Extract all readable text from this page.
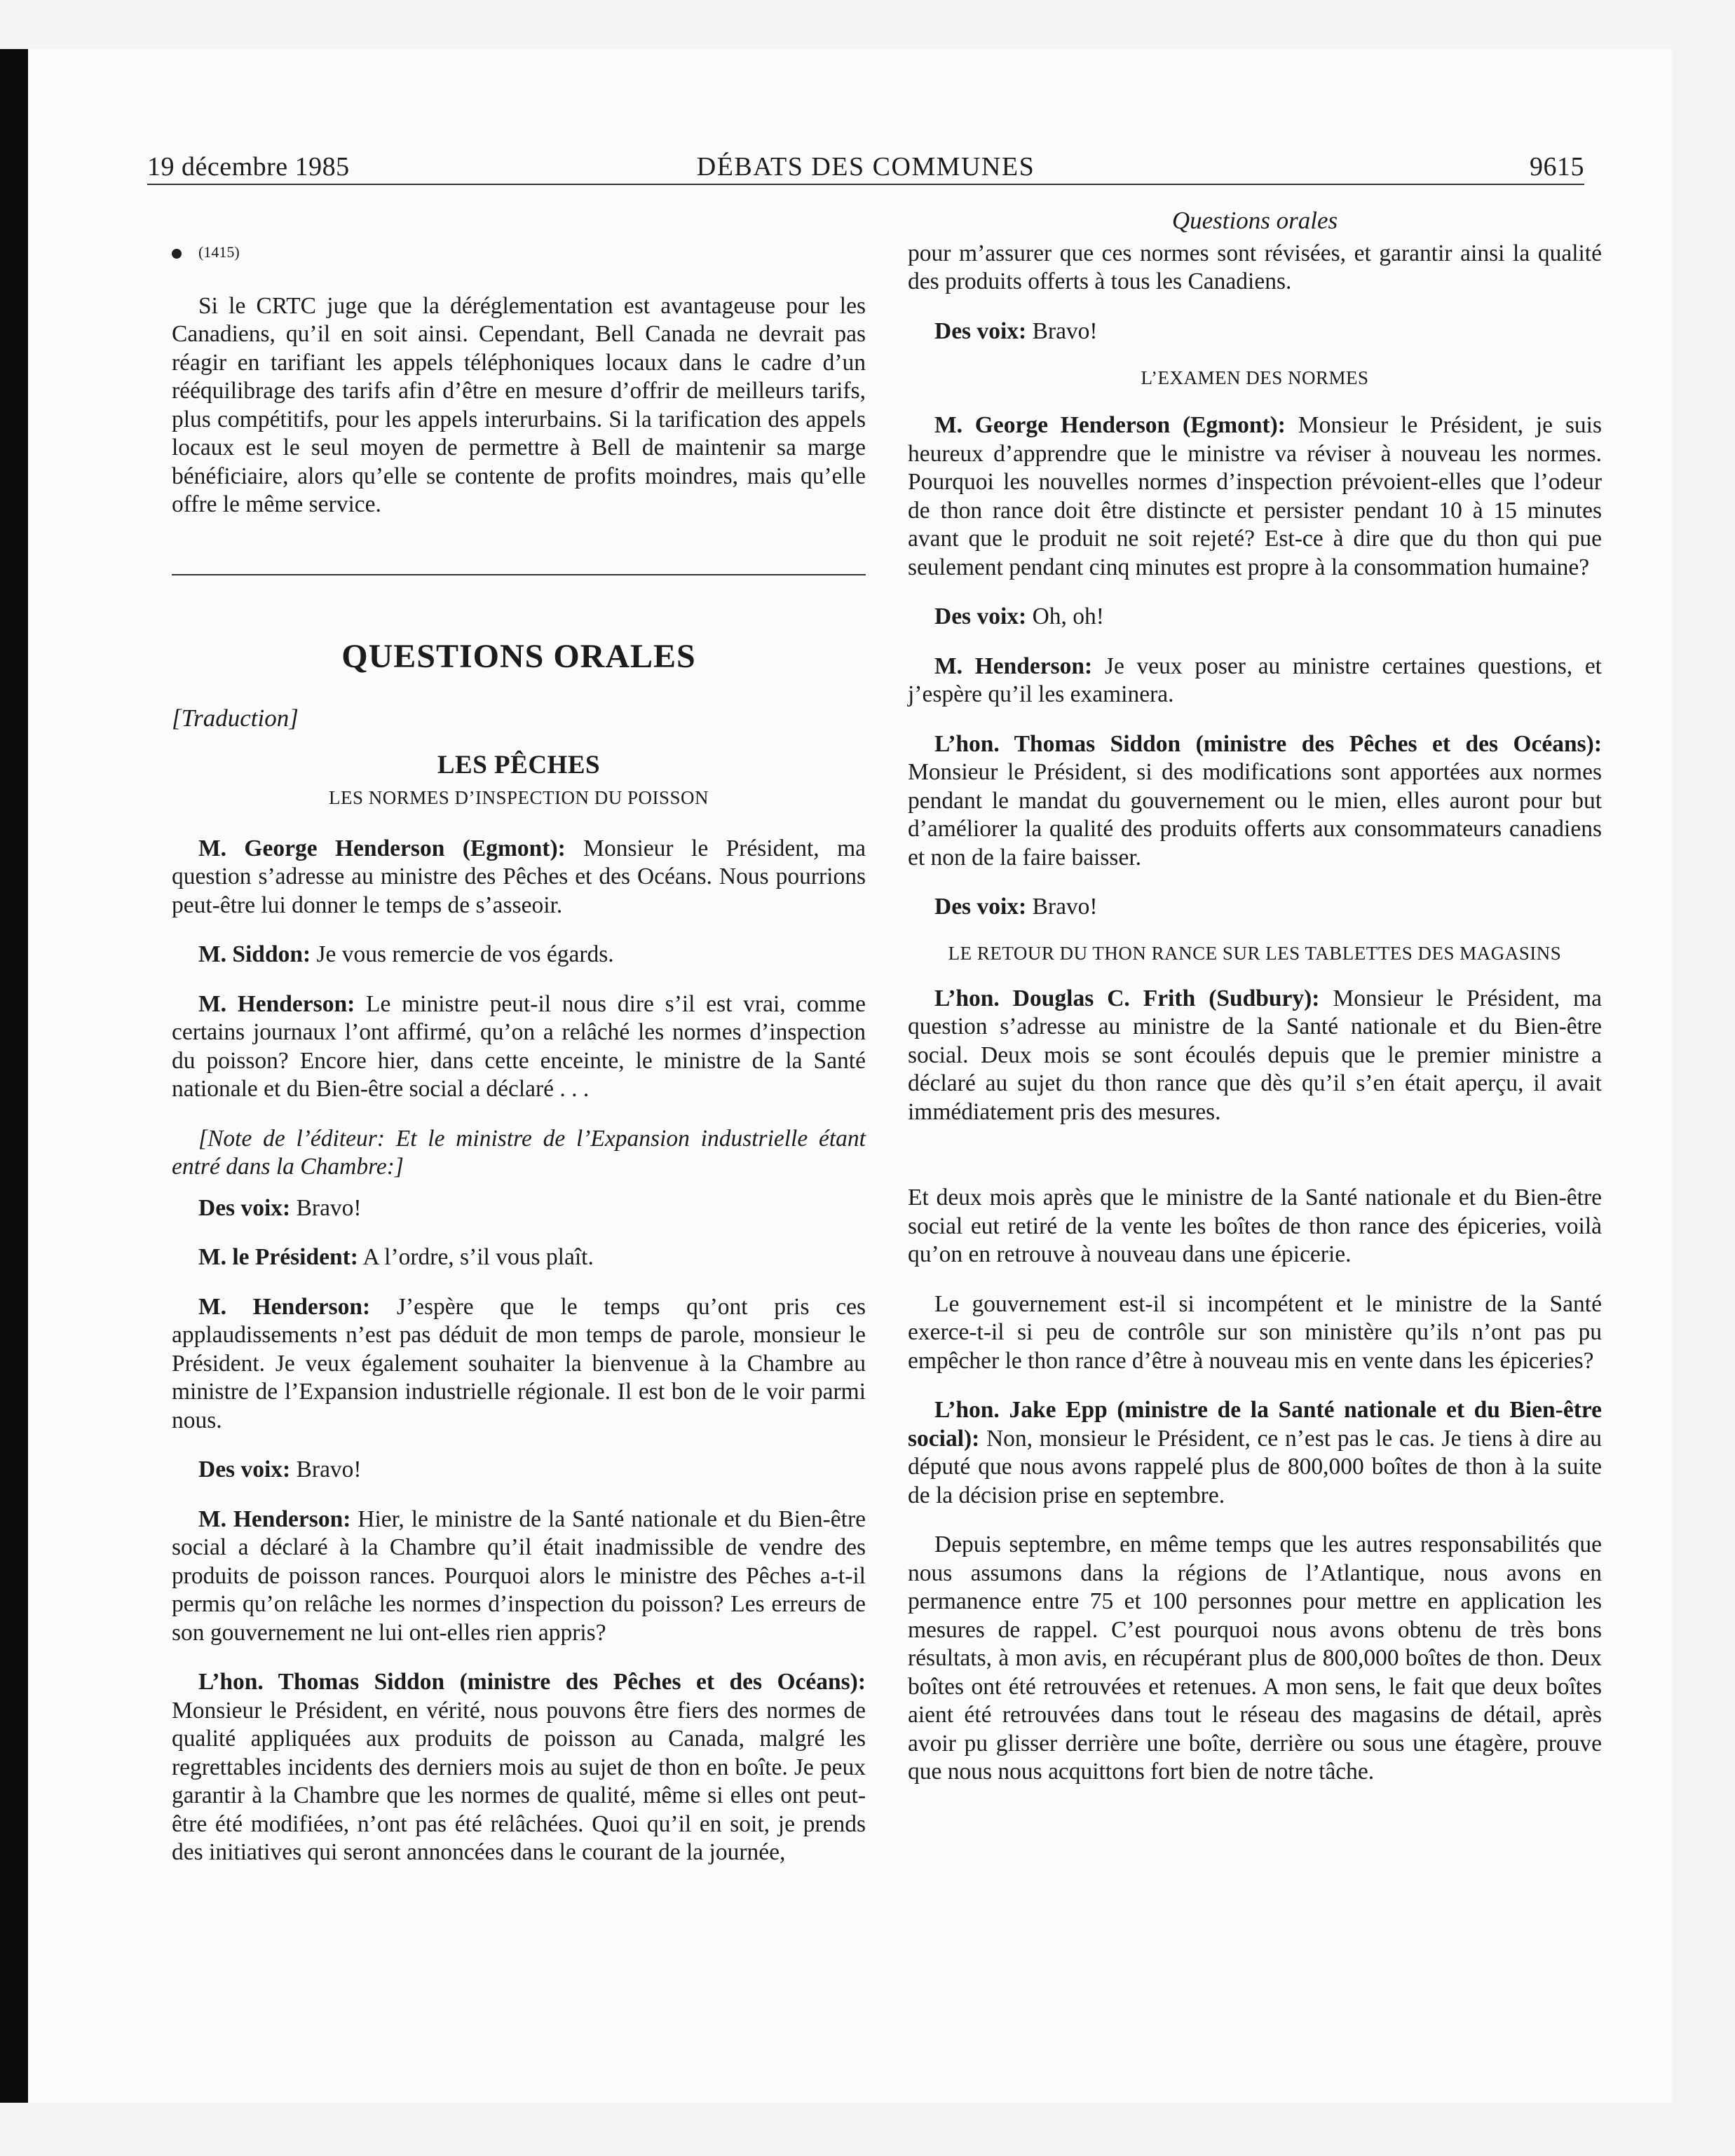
19 décembre 1985	DÉBATS DES COMMUNES	9615
(1415)

Si le CRTC juge que la déréglementation est avantageuse pour les Canadiens, qu’il en soit ainsi. Cependant, Bell Canada ne devrait pas réagir en tarifiant les appels téléphoniques locaux dans le cadre d’un rééquilibrage des tarifs afin d’être en mesure d’offrir de meilleurs tarifs, plus compétitifs, pour les appels interurbains. Si la tarification des appels locaux est le seul moyen de permettre à Bell de maintenir sa marge bénéficiaire, alors qu’elle se contente de profits moindres, mais qu’elle offre le même service.

QUESTIONS ORALES
[Traduction]
LES PÊCHES
LES NORMES D’INSPECTION DU POISSON

M. George Henderson (Egmont): Monsieur le Président, ma question s’adresse au ministre des Pêches et des Océans. Nous pourrions peut-être lui donner le temps de s’asseoir.

M. Siddon: Je vous remercie de vos égards.

M. Henderson: Le ministre peut-il nous dire s’il est vrai, comme certains journaux l’ont affirmé, qu’on a relâché les normes d’inspection du poisson? Encore hier, dans cette enceinte, le ministre de la Santé nationale et du Bien-être social a déclaré . . .

[Note de l’éditeur: Et le ministre de l’Expansion industrielle étant entré dans la Chambre:]

Des voix: Bravo!

M. le Président: A l’ordre, s’il vous plaît.

M. Henderson: J’espère que le temps qu’ont pris ces applaudissements n’est pas déduit de mon temps de parole, monsieur le Président. Je veux également souhaiter la bienvenue à la Chambre au ministre de l’Expansion industrielle régionale. Il est bon de le voir parmi nous.

Des voix: Bravo!

M. Henderson: Hier, le ministre de la Santé nationale et du Bien-être social a déclaré à la Chambre qu’il était inadmissible de vendre des produits de poisson rances. Pourquoi alors le ministre des Pêches a-t-il permis qu’on relâche les normes d’inspection du poisson? Les erreurs de son gouvernement ne lui ont-elles rien appris?

L’hon. Thomas Siddon (ministre des Pêches et des Océans): Monsieur le Président, en vérité, nous pouvons être fiers des normes de qualité appliquées aux produits de poisson au Canada, malgré les regrettables incidents des derniers mois au sujet de thon en boîte. Je peux garantir à la Chambre que les normes de qualité, même si elles ont peut-être été modifiées, n’ont pas été relâchées. Quoi qu’il en soit, je prends des initiatives qui seront annoncées dans le courant de la journée,

Questions orales

pour m’assurer que ces normes sont révisées, et garantir ainsi la qualité des produits offerts à tous les Canadiens.

Des voix: Bravo!

L’EXAMEN DES NORMES

M. George Henderson (Egmont): Monsieur le Président, je suis heureux d’apprendre que le ministre va réviser à nouveau les normes. Pourquoi les nouvelles normes d’inspection prévoient-elles que l’odeur de thon rance doit être distincte et persister pendant 10 à 15 minutes avant que le produit ne soit rejeté? Est-ce à dire que du thon qui pue seulement pendant cinq minutes est propre à la consommation humaine?

Des voix: Oh, oh!

M. Henderson: Je veux poser au ministre certaines questions, et j’espère qu’il les examinera.

L’hon. Thomas Siddon (ministre des Pêches et des Océans): Monsieur le Président, si des modifications sont apportées aux normes pendant le mandat du gouvernement ou le mien, elles auront pour but d’améliorer la qualité des produits offerts aux consommateurs canadiens et non de la faire baisser.

Des voix: Bravo!

LE RETOUR DU THON RANCE SUR LES TABLETTES DES MAGASINS

L’hon. Douglas C. Frith (Sudbury): Monsieur le Président, ma question s’adresse au ministre de la Santé nationale et du Bien-être social. Deux mois se sont écoulés depuis que le premier ministre a déclaré au sujet du thon rance que dès qu’il s’en était aperçu, il avait immédiatement pris des mesures.

Et deux mois après que le ministre de la Santé nationale et du Bien-être social eut retiré de la vente les boîtes de thon rance des épiceries, voilà qu’on en retrouve à nouveau dans une épicerie.

Le gouvernement est-il si incompétent et le ministre de la Santé exerce-t-il si peu de contrôle sur son ministère qu’ils n’ont pas pu empêcher le thon rance d’être à nouveau mis en vente dans les épiceries?

L’hon. Jake Epp (ministre de la Santé nationale et du Bien-être social): Non, monsieur le Président, ce n’est pas le cas. Je tiens à dire au député que nous avons rappelé plus de 800,000 boîtes de thon à la suite de la décision prise en septembre.

Depuis septembre, en même temps que les autres responsabilités que nous assumons dans la régions de l’Atlantique, nous avons en permanence entre 75 et 100 personnes pour mettre en application les mesures de rappel. C’est pourquoi nous avons obtenu de très bons résultats, à mon avis, en récupérant plus de 800,000 boîtes de thon. Deux boîtes ont été retrouvées et retenues. A mon sens, le fait que deux boîtes aient été retrouvées dans tout le réseau des magasins de détail, après avoir pu glisser derrière une boîte, derrière ou sous une étagère, prouve que nous nous acquittons fort bien de notre tâche.
